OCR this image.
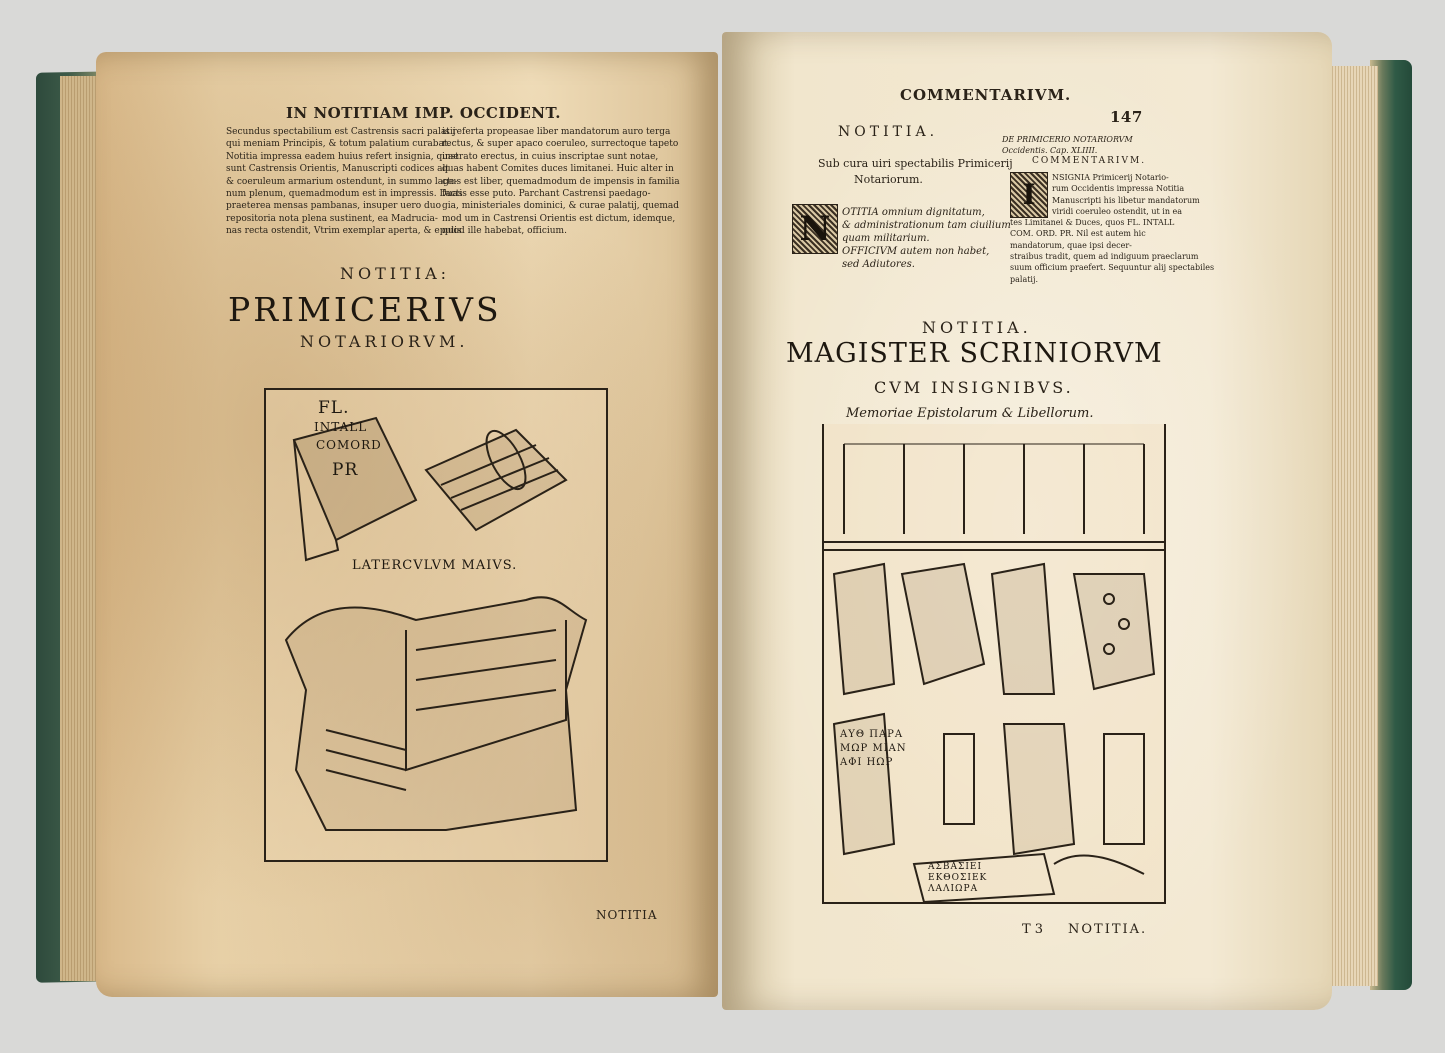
IN NOTITIAM IMP. OCCIDENT.
Secundus spectabilium est Castrensis sacri palatij
qui meniam Principis, & totum palatium curabat.
Notitia impressa eadem huius refert insignia, quae
sunt Castrensis Orientis, Manuscripti codices alt
& coeruleum armarium ostendunt, in summo lage-
num plenum, quemadmodum est in impressis. Duas
praeterea mensas pambanas, insuper uero duo
repositoria nota plena sustinent, ea Madrucia-
nas recta ostendit, Vtrim exemplar aperta, & epulis
is referta propeasae liber mandatorum auro terga
rectus, & super apaco coeruleo, surrectoque tapeto
instrato erectus, in cuius inscriptae sunt notae,
quas habent Comites duces limitanei. Huic alter in
ctus est liber, quemadmodum de impensis in familia
factis esse puto. Parchant Castrensi paedago-
gia, ministeriales dominici, & curae palatij, quemad
mod um in Castrensi Orientis est dictum, idemque,
quod ille habebat, officium.
NOTITIA:
PRIMICERIVS
NOTARIORVM.
FL.
INTALL
COMORD
PR
LATERCVLVM MAIVS.
NOTITIA
COMMENTARIVM.
147
NOTITIA.
Sub cura uiri spectabilis Primicerij
Notariorum.
N	OTITIA omnium dignitatum,
& administrationum tam ciuilium
quam militarium.
OFFICIVM autem non habet,
sed Adiutores.
DE PRIMICERIO NOTARIORVM
Occidentis. Cap. XLIIII.
COMMENTARIVM.
I
NSIGNIA Primicerij Notario-
rum Occidentis impressa Notitia
Manuscripti his libetur mandatorum
viridi coeruleo ostendit, ut in ea
tes Limitanei & Duces, quos FL. INTALL
COM. ORD. PR. Nil est autem hic
mandatorum, quae ipsi decer-
straibus tradit, quem ad indiguum praeclarum
suum officium praefert. Sequuntur alij spectabiles
palatij.
NOTITIA.
MAGISTER SCRINIORVM
CVM INSIGNIBVS.
Memoriae Epistolarum & Libellorum.
ΑΥΘ ΠΑΡΑ
ΜΩΡ ΜΙΑΝ
ΑΦΙ ΗΩΡ
ΑΣΒΑΣΙΕΙ
ΕΚΘΟΣΙΕΚ
ΛΑΛΙΩΡΑ
T 3 NOTITIA.
